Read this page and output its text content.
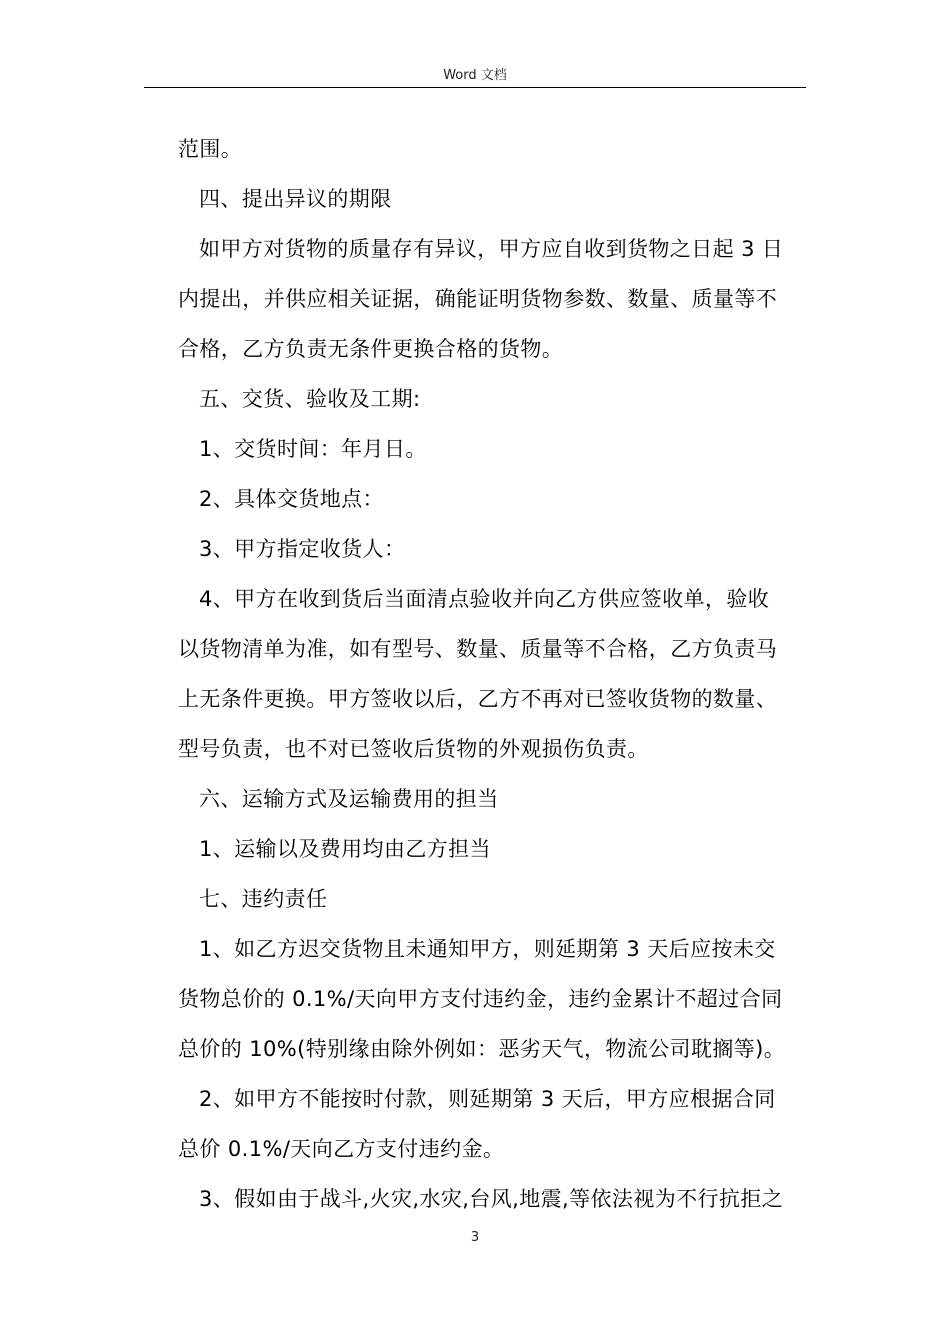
Word 文档
范围。
四、提出异议的期限
如甲方对货物的质量存有异议，甲方应自收到货物之日起 3 日
内提出，并供应相关证据，确能证明货物参数、数量、质量等不
合格，乙方负责无条件更换合格的货物。
五、交货、验收及工期:
1、交货时间：年月日。
2、具体交货地点：
3、甲方指定收货人：
4、甲方在收到货后当面清点验收并向乙方供应签收单，验收
以货物清单为准，如有型号、数量、质量等不合格，乙方负责马
上无条件更换。甲方签收以后，乙方不再对已签收货物的数量、
型号负责，也不对已签收后货物的外观损伤负责。
六、运输方式及运输费用的担当
1、运输以及费用均由乙方担当
七、违约责任
1、如乙方迟交货物且未通知甲方，则延期第 3 天后应按未交
货物总价的 0.1%/天向甲方支付违约金，违约金累计不超过合同
总价的 10%(特别缘由除外例如：恶劣天气，物流公司耽搁等)。
2、如甲方不能按时付款，则延期第 3 天后，甲方应根据合同
总价 0.1%/天向乙方支付违约金。
3、假如由于战斗,火灾,水灾,台风,地震,等依法视为不行抗拒之
3
